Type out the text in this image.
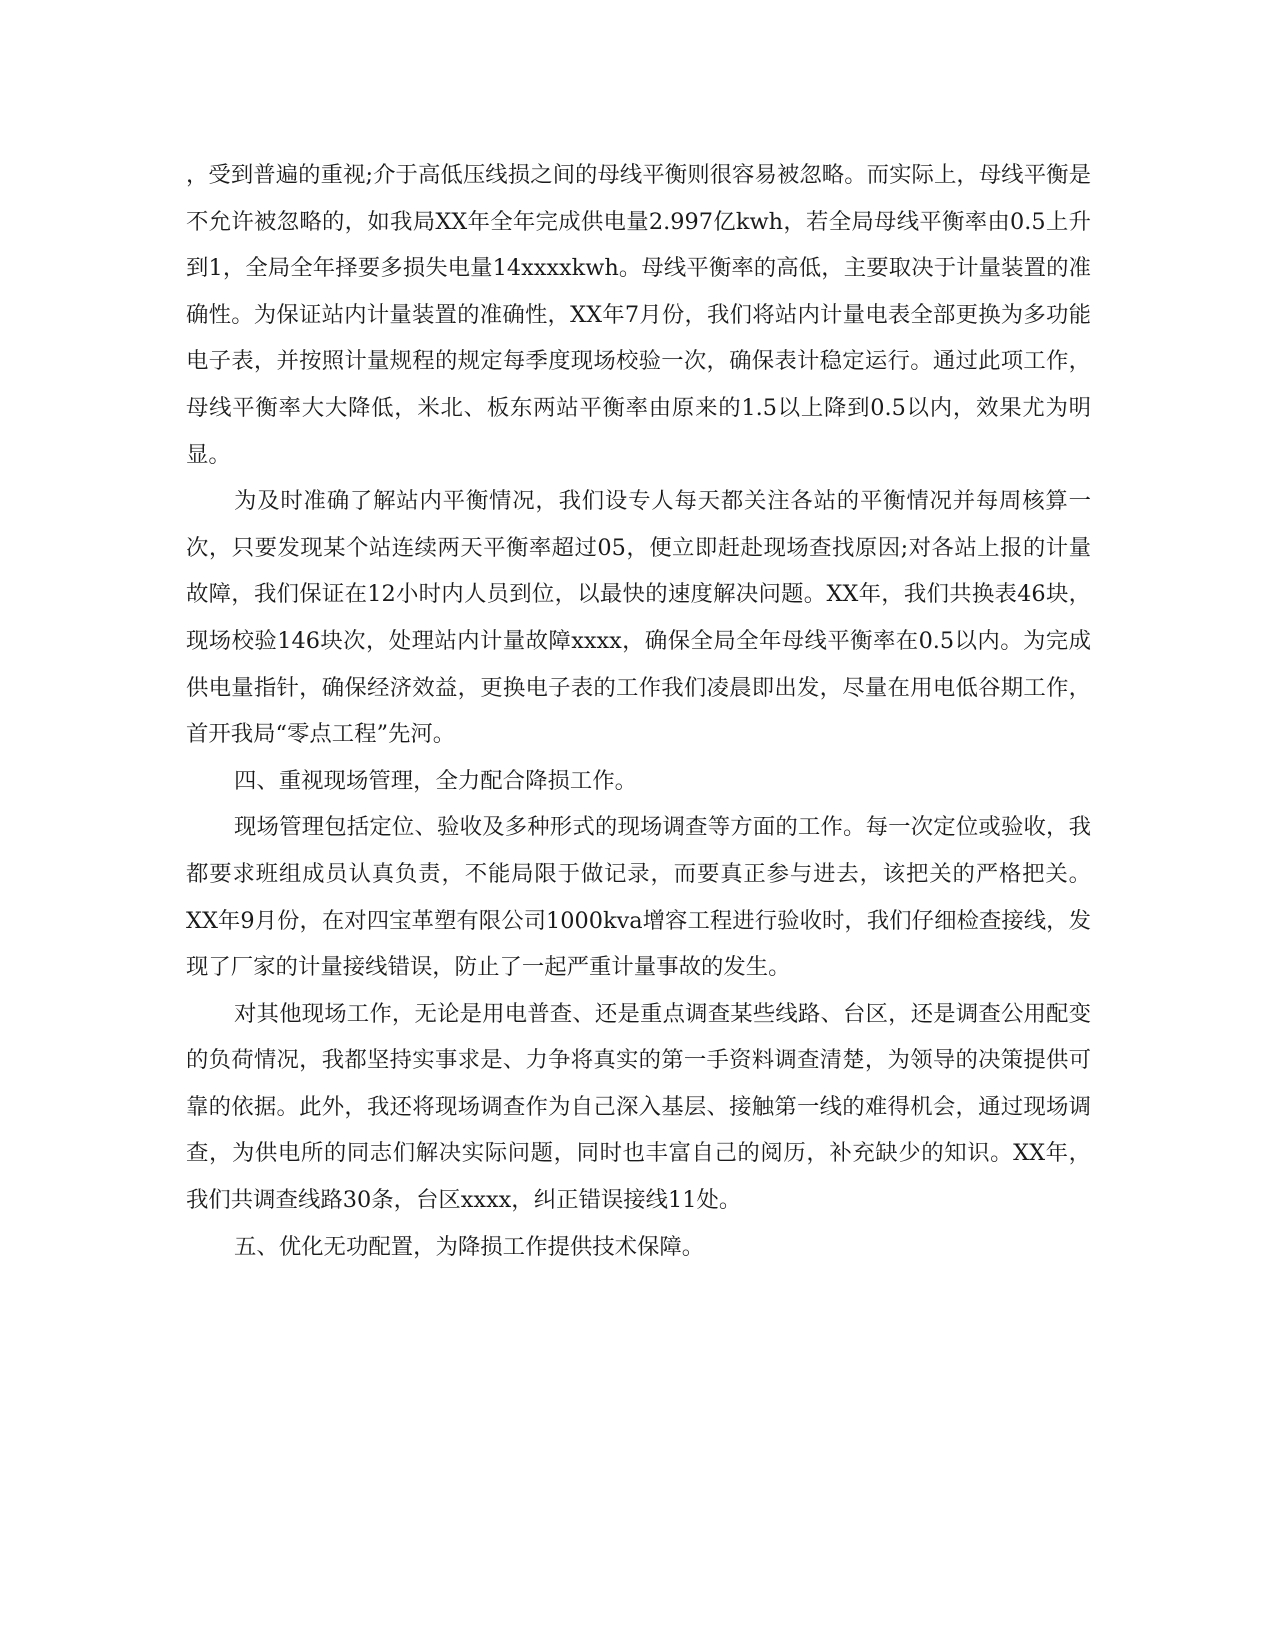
，受到普遍的重视;介于高低压线损之间的母线平衡则很容易被忽略。而实际上，母线平衡是不允许被忽略的，如我局XX年全年完成供电量2.997亿kwh，若全局母线平衡率由0.5上升到1，全局全年择要多损失电量14xxxxkwh。母线平衡率的高低，主要取决于计量装置的准确性。为保证站内计量装置的准确性，XX年7月份，我们将站内计量电表全部更换为多功能电子表，并按照计量规程的规定每季度现场校验一次，确保表计稳定运行。通过此项工作，母线平衡率大大降低，米北、板东两站平衡率由原来的1.5以上降到0.5以内，效果尤为明显。

为及时准确了解站内平衡情况，我们设专人每天都关注各站的平衡情况并每周核算一次，只要发现某个站连续两天平衡率超过05，便立即赶赴现场查找原因;对各站上报的计量故障，我们保证在12小时内人员到位，以最快的速度解决问题。XX年，我们共换表46块，现场校验146块次，处理站内计量故障xxxx，确保全局全年母线平衡率在0.5以内。为完成供电量指针，确保经济效益，更换电子表的工作我们凌晨即出发，尽量在用电低谷期工作，首开我局“零点工程”先河。

四、重视现场管理，全力配合降损工作。

现场管理包括定位、验收及多种形式的现场调查等方面的工作。每一次定位或验收，我都要求班组成员认真负责，不能局限于做记录，而要真正参与进去，该把关的严格把关。XX年9月份，在对四宝革塑有限公司1000kva增容工程进行验收时，我们仔细检查接线，发现了厂家的计量接线错误，防止了一起严重计量事故的发生。

对其他现场工作，无论是用电普查、还是重点调查某些线路、台区，还是调查公用配变的负荷情况，我都坚持实事求是、力争将真实的第一手资料调查清楚，为领导的决策提供可靠的依据。此外，我还将现场调查作为自己深入基层、接触第一线的难得机会，通过现场调查，为供电所的同志们解决实际问题，同时也丰富自己的阅历，补充缺少的知识。XX年，我们共调查线路30条，台区xxxx，纠正错误接线11处。

五、优化无功配置，为降损工作提供技术保障。
